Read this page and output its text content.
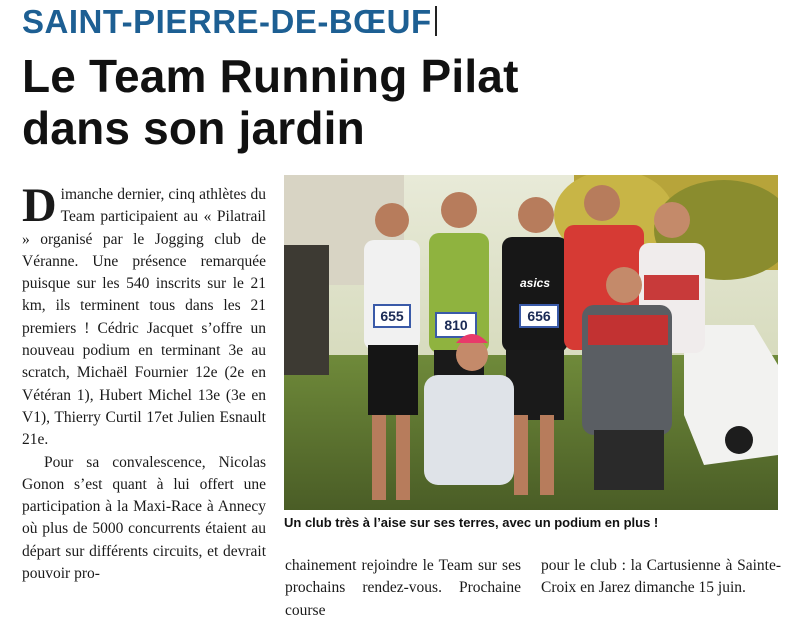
SAINT-PIERRE-DE-BŒUF
Le Team Running Pilat
dans son jardin

Dimanche dernier, cinq athlètes du Team participaient au « Pilatrail » organisé par le Jogging club de Véranne. Une présence remarquée puisque sur les 540 inscrits sur le 21 km, ils terminent tous dans les 21 premiers ! Cédric Jacquet s’offre un nouveau podium en terminant 3e au scratch, Michaël Fournier 12e (2e en Vétéran 1), Hubert Michel 13e (3e en V1), Thierry Curtil 17et Julien Esnault 21e.

Pour sa convalescence, Nicolas Gonon s’est quant à lui offert une participation à la Maxi-Race à Annecy où plus de 5000 concurrents étaient au départ sur différents circuits, et devrait pouvoir pro-

655
810
656
asics
Un club très à l’aise sur ses terres, avec un podium en plus !

chainement rejoindre le Team sur ses prochains rendez-vous. Prochaine course

pour le club : la Cartusienne à Sainte-Croix en Jarez dimanche 15 juin.
